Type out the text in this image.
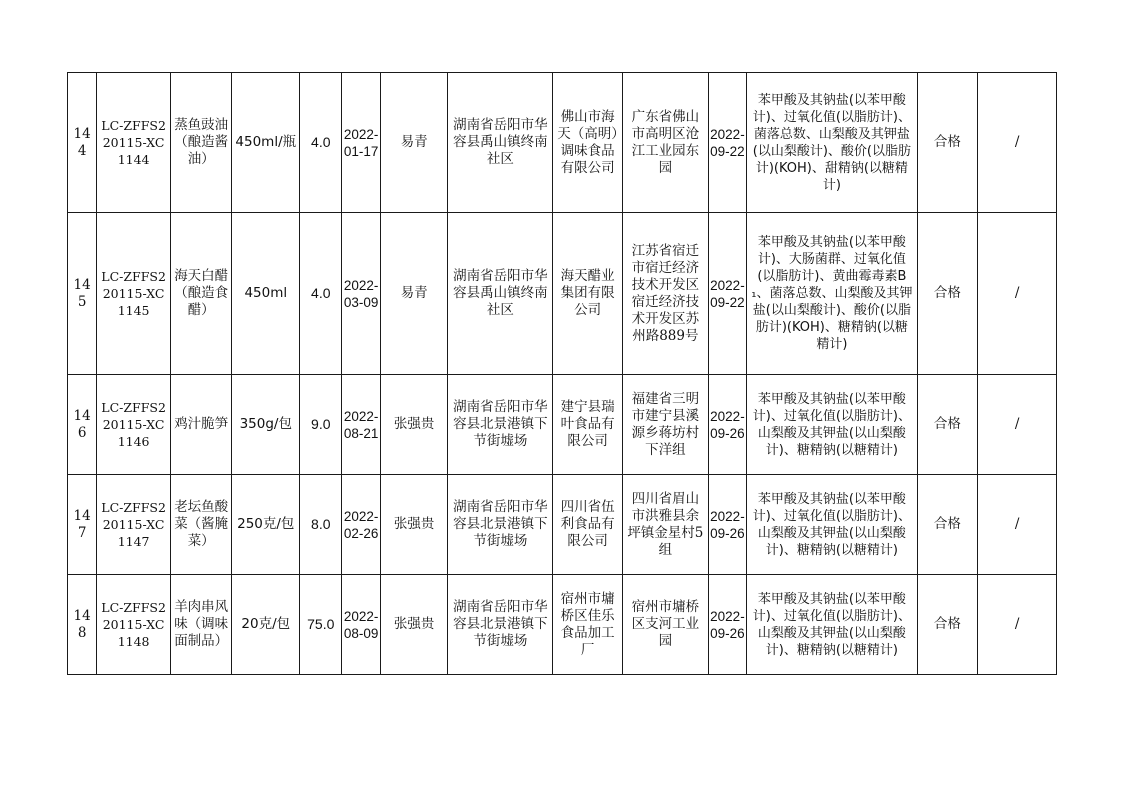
144	LC-ZFFS220115-XC1144	蒸鱼豉油（酿造酱油）	450ml/瓶	4.0	2022-01-17	易青	湖南省岳阳市华容县禹山镇终南社区	佛山市海天（高明）调味食品有限公司	广东省佛山市高明区沧江工业园东园	2022-09-22	苯甲酸及其钠盐(以苯甲酸计)、过氧化值(以脂肪计)、菌落总数、山梨酸及其钾盐(以山梨酸计)、酸价(以脂肪计)(KOH)、甜精钠(以糖精计)	合格	/
145	LC-ZFFS220115-XC1145	海天白醋（酿造食醋）	450ml	4.0	2022-03-09	易青	湖南省岳阳市华容县禹山镇终南社区	海天醋业集团有限公司	江苏省宿迁市宿迁经济技术开发区宿迁经济技术开发区苏州路889号	2022-09-22	苯甲酸及其钠盐(以苯甲酸计)、大肠菌群、过氧化值(以脂肪计)、黄曲霉毒素B₁、菌落总数、山梨酸及其钾盐(以山梨酸计)、酸价(以脂肪计)(KOH)、糖精钠(以糖精计)	合格	/
146	LC-ZFFS220115-XC1146	鸡汁脆笋	350g/包	9.0	2022-08-21	张强贵	湖南省岳阳市华容县北景港镇下节街墟场	建宁县瑞叶食品有限公司	福建省三明市建宁县溪源乡蒋坊村下洋组	2022-09-26	苯甲酸及其钠盐(以苯甲酸计)、过氧化值(以脂肪计)、山梨酸及其钾盐(以山梨酸计)、糖精钠(以糖精计)	合格	/
147	LC-ZFFS220115-XC1147	老坛鱼酸菜（酱腌菜）	250克/包	8.0	2022-02-26	张强贵	湖南省岳阳市华容县北景港镇下节街墟场	四川省伍利食品有限公司	四川省眉山市洪雅县余坪镇金星村5组	2022-09-26	苯甲酸及其钠盐(以苯甲酸计)、过氧化值(以脂肪计)、山梨酸及其钾盐(以山梨酸计)、糖精钠(以糖精计)	合格	/
148	LC-ZFFS220115-XC1148	羊肉串风味（调味面制品）	20克/包	75.0	2022-08-09	张强贵	湖南省岳阳市华容县北景港镇下节街墟场	宿州市墉桥区佳乐食品加工厂	宿州市墉桥区支河工业园	2022-09-26	苯甲酸及其钠盐(以苯甲酸计)、过氧化值(以脂肪计)、山梨酸及其钾盐(以山梨酸计)、糖精钠(以糖精计)	合格	/
